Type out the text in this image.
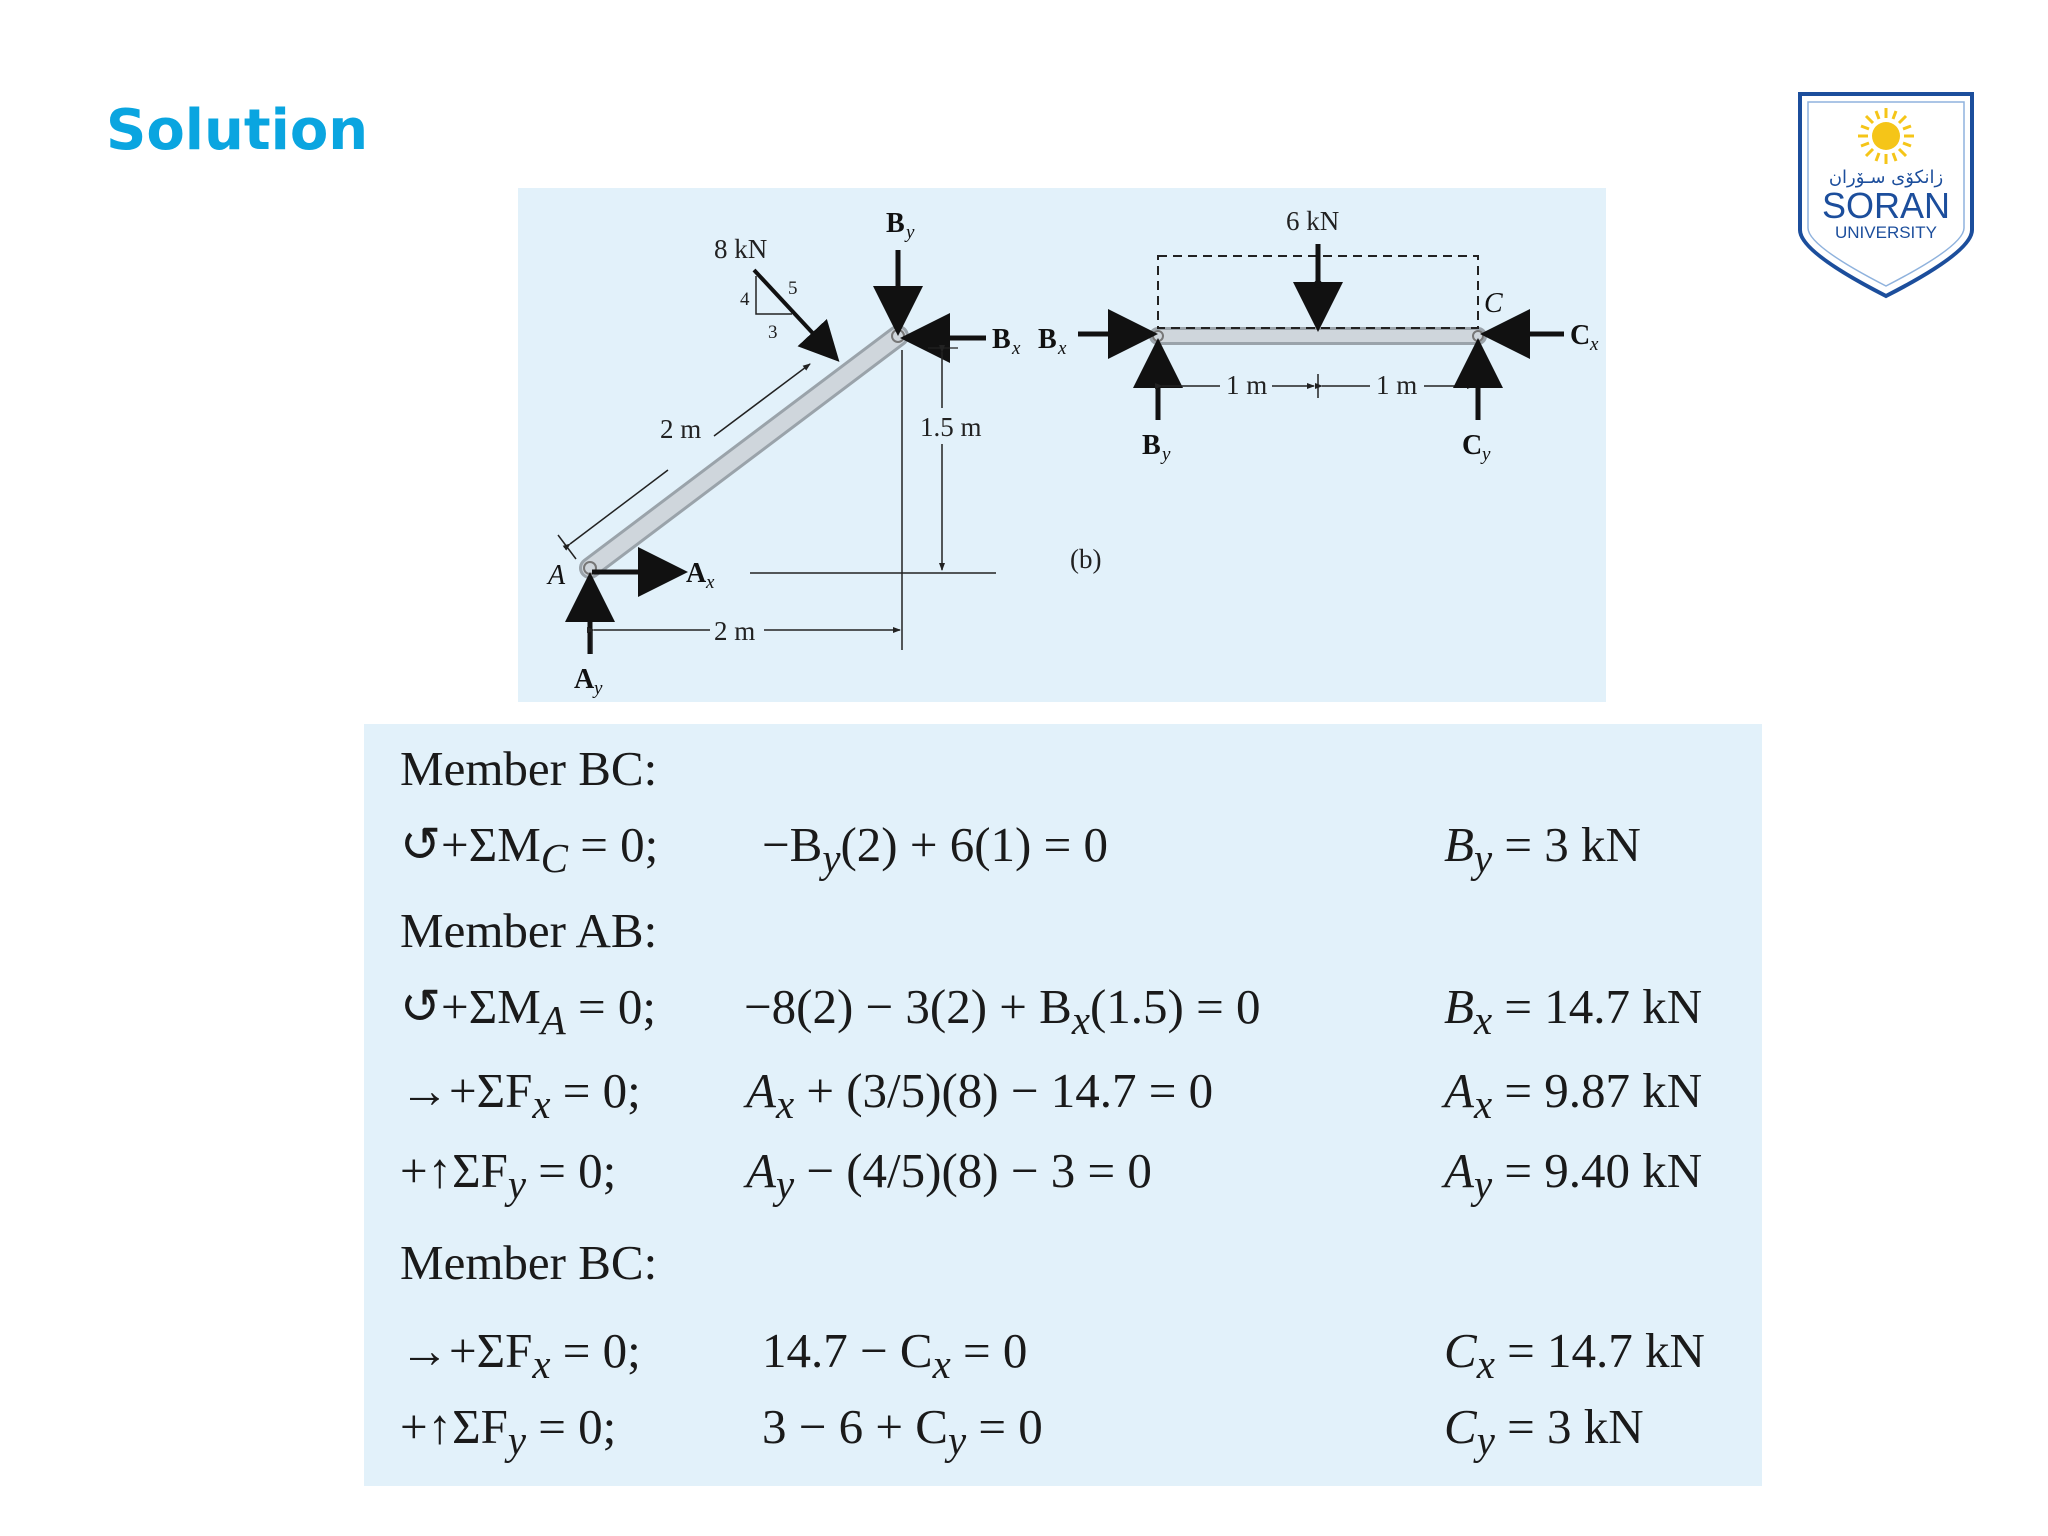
Solution
زانكۆی سـۆران
SORAN
UNIVERSITY
8 kN
4
5
3
2 m
B y
B x
1.5 m
A x
A
A y
2 m
(b)
6 kN
C
B x
B y
1 m	1 m
C x
C y
Member BC:
$↺+\Sigma M_C = 0$; $-B_y(2) + 6(1) = 0$	$B_y = 3$ kN
Member AB:
$↺+\Sigma M_A = 0$; $-8(2) - 3(2) + B_x(1.5) = 0$	$B_x = 14.7$ kN
$\to+\Sigma F_x = 0$; $A_x + (3/5)(8) - 14.7 = 0$	$A_x = 9.87$ kN
$+↑\Sigma F_y = 0$;	$A_y - (4/5)(8) - 3 = 0$	$A_y = 9.40$ kN
Member BC:
$\to+\Sigma F_x = 0$; $14.7 - C_x = 0$	$C_x = 14.7$ kN
$+↑\Sigma F_y = 0$;	$3 - 6 + C_y = 0$	$C_y = 3$ kN
